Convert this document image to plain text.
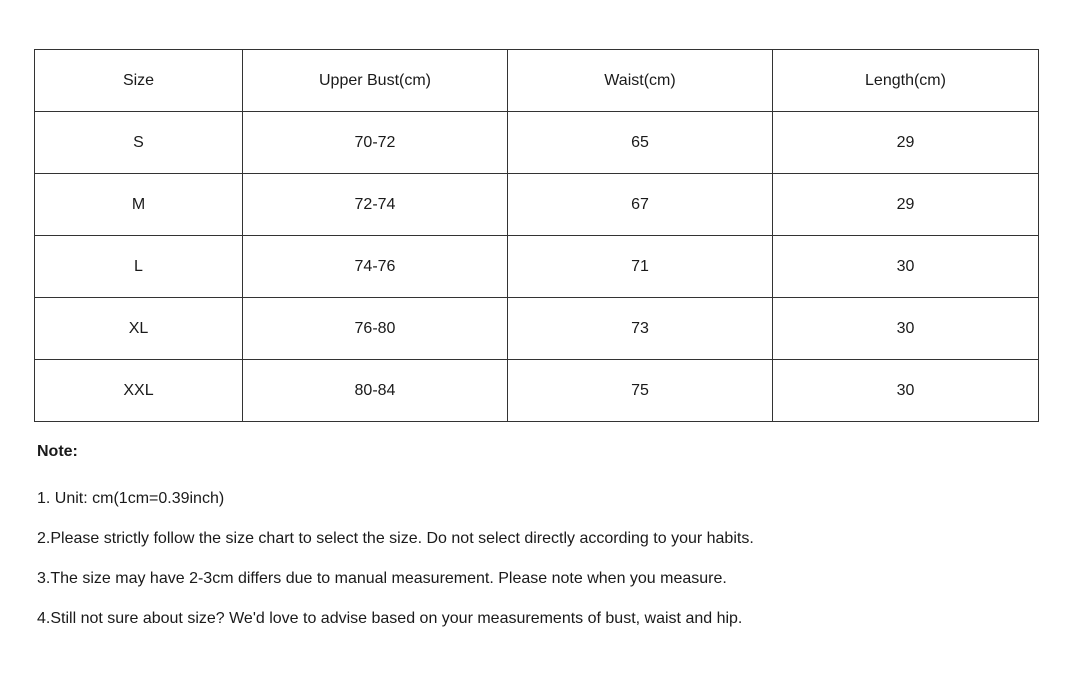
Size	Upper Bust(cm)	Waist(cm)	Length(cm)
S	70-72	65	29
M	72-74	67	29
L	74-76	71	30
XL	76-80	73	30
XXL	80-84	75	30

Note:

1. Unit: cm(1cm=0.39inch)
2.Please strictly follow the size chart to select the size. Do not select directly according to your habits.
3.The size may have 2-3cm differs due to manual measurement. Please note when you measure.
4.Still not sure about size? We'd love to advise based on your measurements of bust, waist and hip.
